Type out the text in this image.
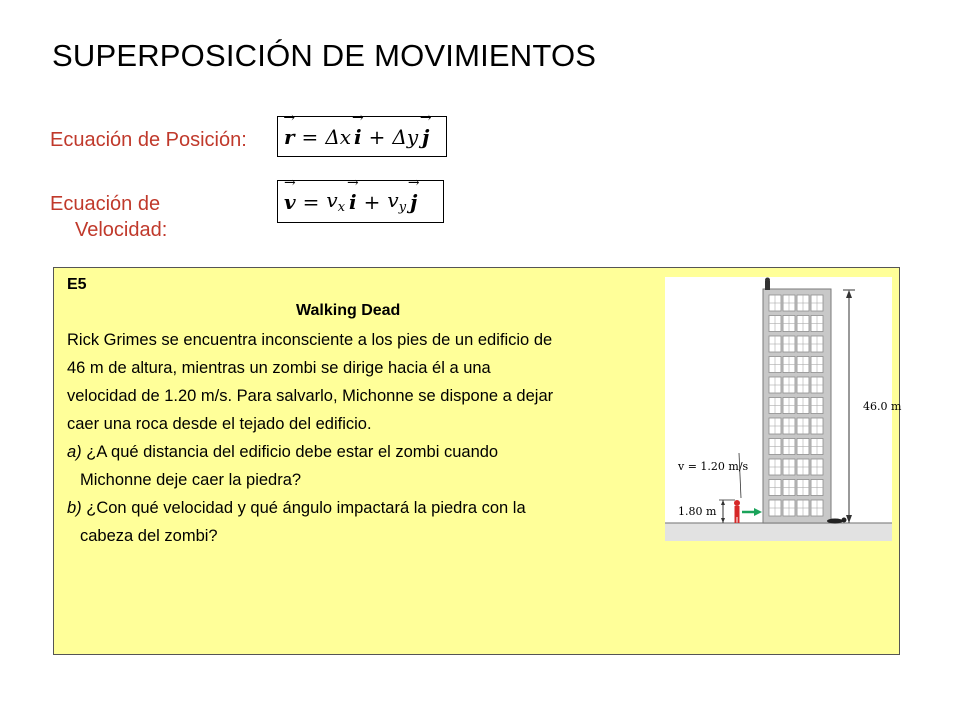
SUPERPOSICIÓN DE MOVIMIENTOS
Ecuación de Posición:
→ r = Δx
→ i + Δy
→ j
Ecuación de
Velocidad:
→ $v = v_x$
→ $i + v_y$
→ j
E5
Walking Dead

Rick Grimes se encuentra inconsciente a los pies de un edificio de

46 m de altura, mientras un zombi se dirige hacia él a una

velocidad de 1.20 m/s. Para salvarlo, Michonne se dispone a dejar

caer una roca desde el tejado del edificio.

a) ¿A qué distancia del edificio debe estar el zombi cuando

Michonne deje caer la piedra?

b) ¿Con qué velocidad y qué ángulo impactará la piedra con la

cabeza del zombi?

46.0 m
v = 1.20 m/s
1.80 m
